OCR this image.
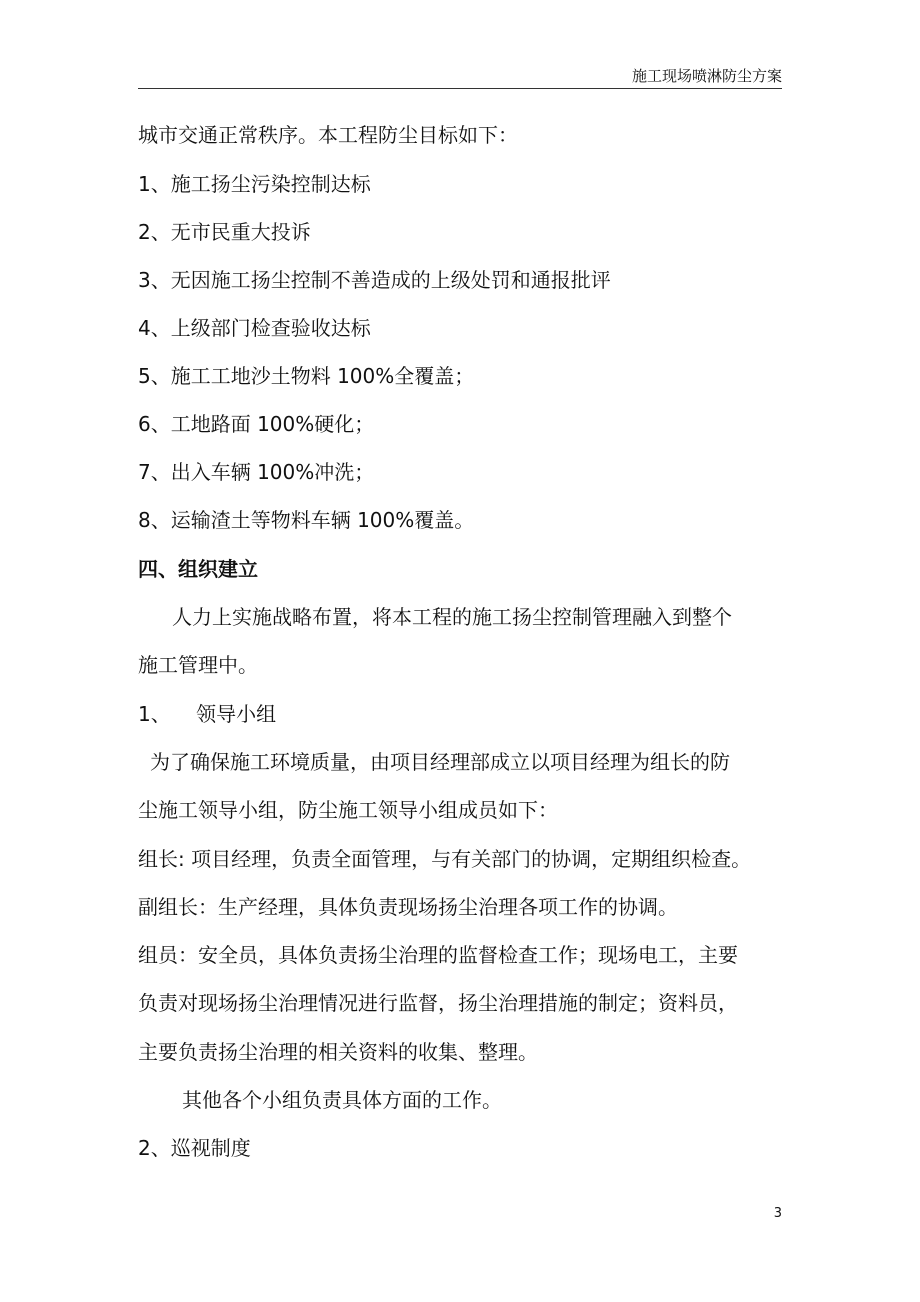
施工现场喷淋防尘方案
城市交通正常秩序。本工程防尘目标如下：
1、施工扬尘污染控制达标
2、无市民重大投诉
3、无因施工扬尘控制不善造成的上级处罚和通报批评
4、上级部门检查验收达标
5、施工工地沙土物料 100%全覆盖；
6、工地路面 100%硬化；
7、出入车辆 100%冲洗；
8、运输渣土等物料车辆 100%覆盖。
四、组织建立
人力上实施战略布置，将本工程的施工扬尘控制管理融入到整个
施工管理中。
1、    领导小组
为了确保施工环境质量，由项目经理部成立以项目经理为组长的防
尘施工领导小组，防尘施工领导小组成员如下：
组长: 项目经理，负责全面管理，与有关部门的协调，定期组织检查。
副组长：生产经理，具体负责现场扬尘治理各项工作的协调。
组员：安全员，具体负责扬尘治理的监督检查工作；现场电工，主要
负责对现场扬尘治理情况进行监督，扬尘治理措施的制定；资料员，
主要负责扬尘治理的相关资料的收集、整理。
其他各个小组负责具体方面的工作。
2、巡视制度
3
